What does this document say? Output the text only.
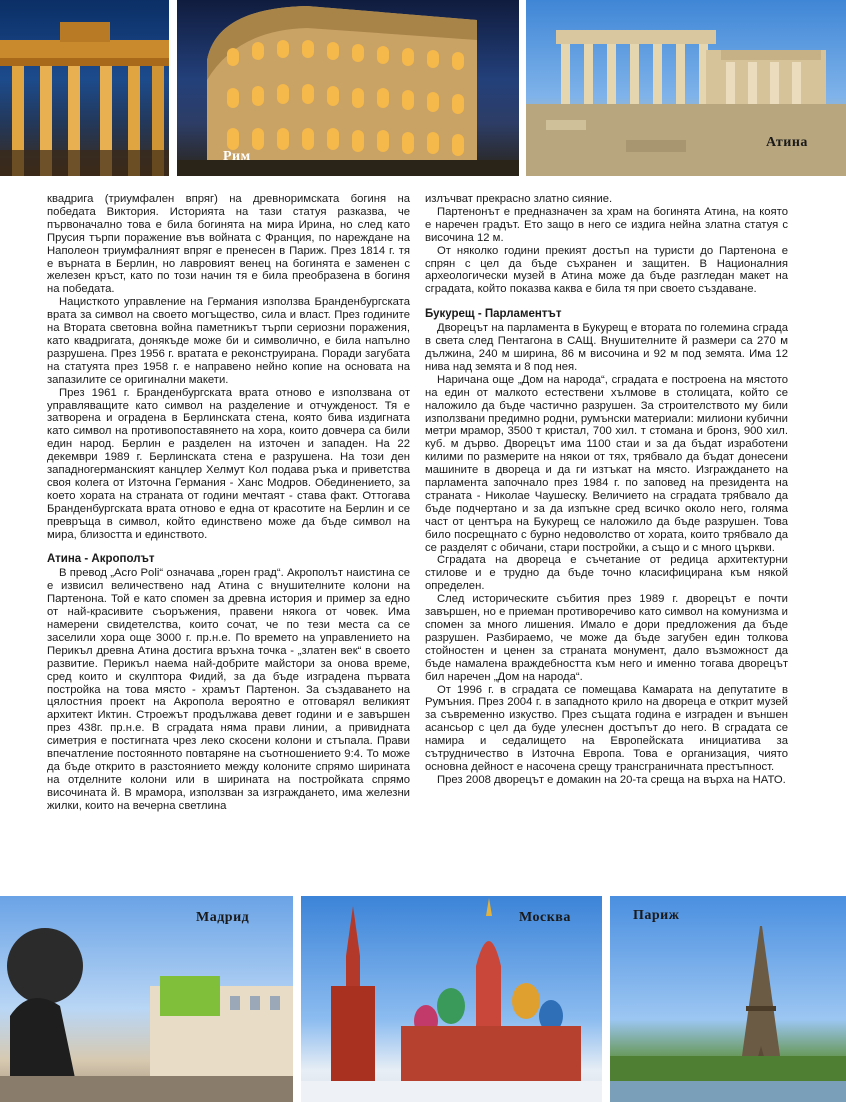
Рим
Атина

квадрига (триумфален впряг) на древноримската богиня на победата Виктория. Историята на тази статуя разказва, че първоначално това е била богинята на мира Ирина, но след като Прусия търпи поражение във войната с Франция, по нареждане на Наполеон триумфалният впряг е пренесен в Париж. През 1814 г. тя е върната в Берлин, но лавровият венец на богинята е заменен с железен кръст, като по този начин тя е била преобразена в богиня на победата.

Нацисткото управление на Германия използва Бранденбургската врата за символ на своето могъщество, сила и власт. През годините на Втората световна война паметникът търпи сериозни поражения, като квадригата, донякъде може би и символично, е била напълно разрушена. През 1956 г. вратата е реконструирана. Поради загубата на статуята през 1958 г. е направено нейно копие на основата на запазилите се оригинални макети.

През 1961 г. Бранденбургската врата отново е използвана от управляващите като символ на разделение и отчужденост. Тя е затворена и оградена в Берлинската стена, която бива издигната като символ на противопоставянето на хора, които довчера са били един народ. Берлин е разделен на източен и западен. На 22 декември 1989 г. Берлинската стена е разрушена. На този ден западногерманският канцлер Хелмут Кол подава ръка и приветства своя колега от Източна Германия - Ханс Модров. Обединението, за което хората на страната от години мечтаят - става факт. Оттогава Бранденбургската врата отново е една от красотите на Берлин и се превръща в символ, който единствено може да бъде символ на мира, близостта и единството.

Атина - Акрополът

В превод „Acro Poli“ означава „горен град“. Акрополът наистина се е извисил величествено над Атина с внушителните колони на Партенона. Той е като спомен за древна история и пример за едно от най-красивите съоръжения, правени някога от човек. Има намерени свидетелства, които сочат, че по тези места са се заселили хора още 3000 г. пр.н.е. По времето на управлението на Перикъл древна Атина достига връхна точка - „златен век“ в своето развитие. Перикъл наема най-добрите майстори за онова време, сред които и скулптора Фидий, за да бъде изградена първата постройка на това място - храмът Партенон. За създаването на цялостния проект на Акропола вероятно е отговарял великият архитект Иктин. Строежът продължава девет години и е завършен през 438г. пр.н.е. В сградата няма прави линии, а привидната симетрия е постигната чрез леко скосени колони и стъпала. Прави впечатление постоянното повтаряне на съотношението 9:4. То може да бъде открито в разстоянието между колоните спрямо ширината на отделните колони или в ширината на постройката спрямо височината й. В мрамора, използван за изграждането, има железни жилки, които на вечерна светлина

излъчват прекрасно златно сияние.

Партенонът е предназначен за храм на богинята Атина, на която е наречен градът. Eто защо в него се издига нейна златна статуя с височина 12 м.

От няколко години прекият достъп на туристи до Партенона е спрян с цел да бъде съхранен и защитен. В Националния археологически музей в Атина може да бъде разгледан макет на сградата, който показва каква е била тя при своето създаване.

Букурещ - Парламентът

Дворецът на парламента в Букурещ е втората по големина сграда в света след Пентагона в САЩ. Внушителните й размери са 270 м дължина, 240 м ширина, 86 м височина и 92 м под земята. Има 12 нива над земята и 8 под нея.

Наричана още „Дом на народа“, сградата е построена на мястото на един от малкото естествени хълмове в столицата, който се наложило да бъде частично разрушен. За строителството му били използвани предимно родни, румънски материали: милиони кубични метри мрамор, 3500 т кристал, 700 хил. т стомана и бронз, 900 хил. куб. м дърво. Дворецът има 1100 стаи и за да бъдат изработени килими по размерите на някои от тях, трябвало да бъдат донесени машините в двореца и да ги изтъкат на място. Изграждането на парламента започнало през 1984 г. по заповед на президента на страната - Николае Чаушеску. Величието на сградата трябвало да бъде подчертано и за да изпъкне сред всичко около него, голяма част от центъра на Букурещ се наложило да бъде разрушен. Това било посрещнато с бурно недоволство от хората, които трябвало да се разделят с обичани, стари постройки, а също и с много църкви.

Сградата на двореца е съчетание от редица архитектурни стилове и е трудно да бъде точно класифицирана към някой определен.

След историческите събития през 1989 г. дворецът е почти завършен, но е приеман противоречиво като символ на комунизма и спомен за много лишения. Имало е дори предложения да бъде разрушен. Разбираемо, че може да бъде загубен един толкова стойностен и ценен за страната монумент, дало възможност да бъде намалена враждебността към него и именно тогава дворецът бил наречен „Дом на народа“.

От 1996 г. в сградата се помещава Камарата на депутатите в Румъния. През 2004 г. в западното крило на двореца е открит музей за съвременно изкуство. През същата година е изграден и външен асансьор с цел да буде улеснен достъпът до него. В сградата се намира и седалището на Европейската инициатива за сътрудничество в Източна Европа. Това е организация, чиято основна дейност е насочена срещу трансграничната престъпност.

През 2008 дворецът е домакин на 20-та среща на върха на НАТО.

Мадрид	Москва	Париж
